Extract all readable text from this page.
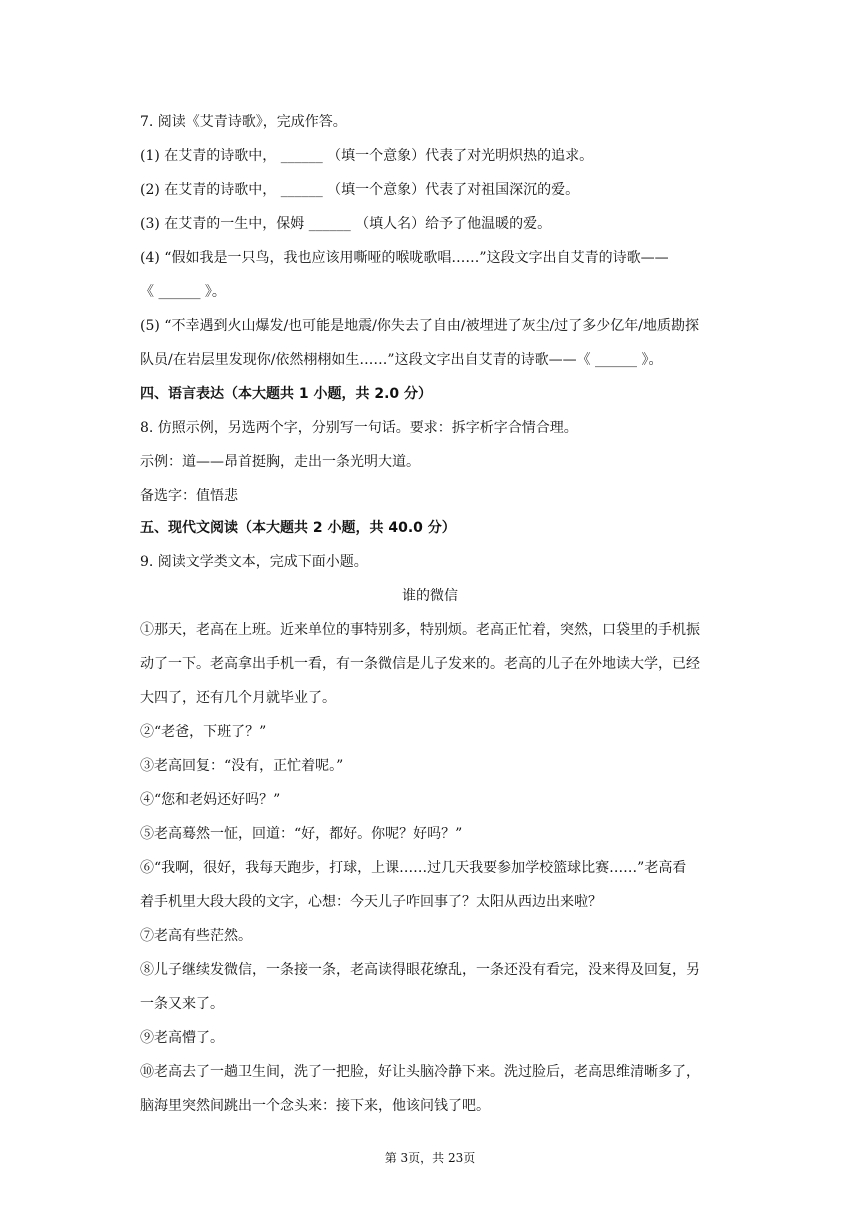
7. 阅读《艾青诗歌》，完成作答。
(1) 在艾青的诗歌中， ______ （填一个意象）代表了对光明炽热的追求。
(2) 在艾青的诗歌中， ______ （填一个意象）代表了对祖国深沉的爱。
(3) 在艾青的一生中，保姆 ______ （填人名）给予了他温暖的爱。
(4) “假如我是一只鸟，我也应该用嘶哑的喉咙歌唱……”这段文字出自艾青的诗歌——
《 ______ 》。
(5) “不幸遇到火山爆发/也可能是地震/你失去了自由/被埋进了灰尘/过了多少亿年/地质勘探
队员/在岩层里发现你/依然栩栩如生……”这段文字出自艾青的诗歌——《 ______ 》。
四、语言表达（本大题共 1 小题，共 2.0 分）
8. 仿照示例，另选两个字，分别写一句话。要求：拆字析字合情合理。
示例：道——昂首挺胸，走出一条光明大道。
备选字：值悟悲
五、现代文阅读（本大题共 2 小题，共 40.0 分）
9. 阅读文学类文本，完成下面小题。
谁的微信
①那天，老高在上班。近来单位的事特别多，特别烦。老高正忙着，突然，口袋里的手机振
动了一下。老高拿出手机一看，有一条微信是儿子发来的。老高的儿子在外地读大学，已经
大四了，还有几个月就毕业了。
②“老爸，下班了？”
③老高回复：“没有，正忙着呢。”
④“您和老妈还好吗？”
⑤老高蓦然一怔，回道：“好，都好。你呢？好吗？”
⑥“我啊，很好，我每天跑步，打球，上课……过几天我要参加学校篮球比赛……”老高看
着手机里大段大段的文字，心想：今天儿子咋回事了？太阳从西边出来啦？
⑦老高有些茫然。
⑧儿子继续发微信，一条接一条，老高读得眼花缭乱，一条还没有看完，没来得及回复，另
一条又来了。
⑨老高懵了。
⑩老高去了一趟卫生间，洗了一把脸，好让头脑冷静下来。洗过脸后，老高思维清晰多了，
脑海里突然间跳出一个念头来：接下来，他该问钱了吧。
第 3页，共 23页
